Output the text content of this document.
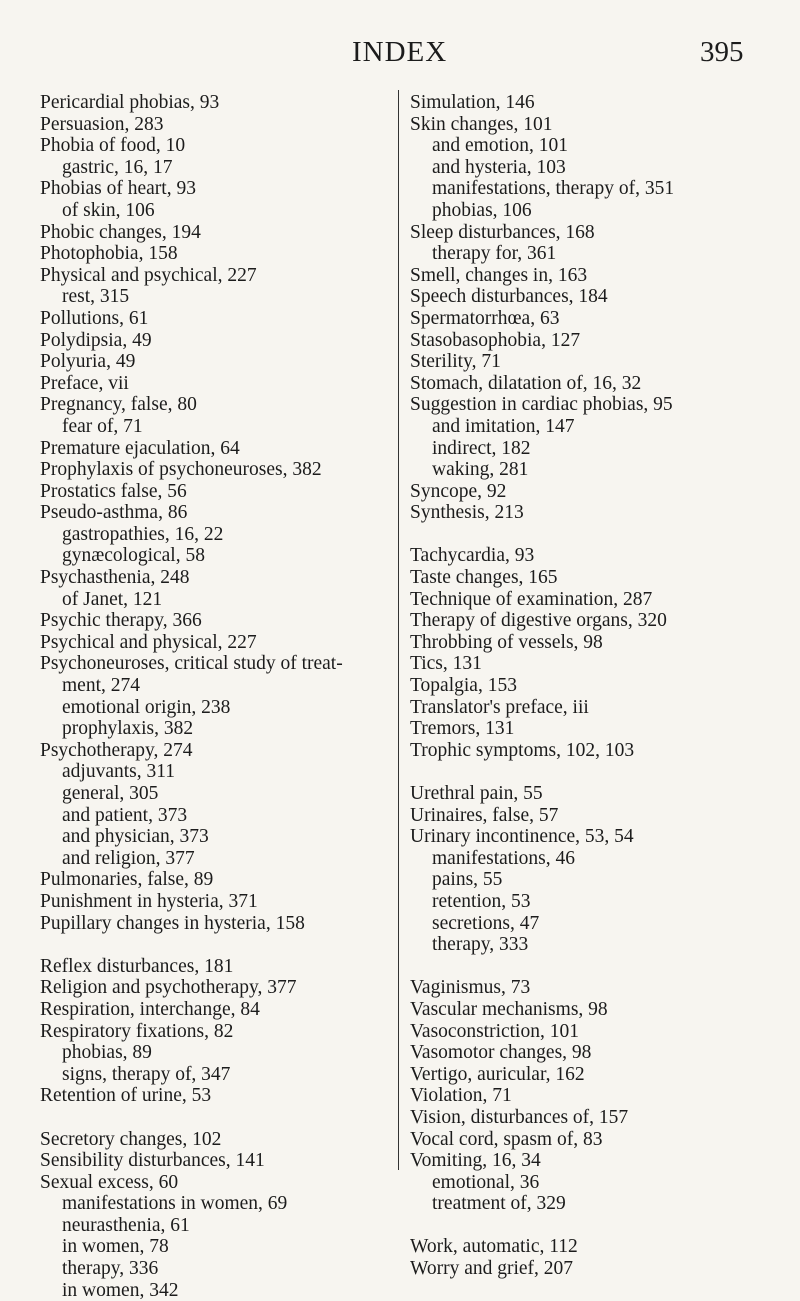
INDEX	395
Pericardial phobias, 93
Persuasion, 283
Phobia of food, 10
gastric, 16, 17
Phobias of heart, 93
of skin, 106
Phobic changes, 194
Photophobia, 158
Physical and psychical, 227
rest, 315
Pollutions, 61
Polydipsia, 49
Polyuria, 49
Preface, vii
Pregnancy, false, 80
fear of, 71
Premature ejaculation, 64
Prophylaxis of psychoneuroses, 382
Prostatics false, 56
Pseudo-asthma, 86
gastropathies, 16, 22
gynæcological, 58
Psychasthenia, 248
of Janet, 121
Psychic therapy, 366
Psychical and physical, 227
Psychoneuroses, critical study of treat-
ment, 274
emotional origin, 238
prophylaxis, 382
Psychotherapy, 274
adjuvants, 311
general, 305
and patient, 373
and physician, 373
and religion, 377
Pulmonaries, false, 89
Punishment in hysteria, 371
Pupillary changes in hysteria, 158
Reflex disturbances, 181
Religion and psychotherapy, 377
Respiration, interchange, 84
Respiratory fixations, 82
phobias, 89
signs, therapy of, 347
Retention of urine, 53
Secretory changes, 102
Sensibility disturbances, 141
Sexual excess, 60
manifestations in women, 69
neurasthenia, 61
in women, 78
therapy, 336
in women, 342
Simulation, 146
Skin changes, 101
and emotion, 101
and hysteria, 103
manifestations, therapy of, 351
phobias, 106
Sleep disturbances, 168
therapy for, 361
Smell, changes in, 163
Speech disturbances, 184
Spermatorrhœa, 63
Stasobasophobia, 127
Sterility, 71
Stomach, dilatation of, 16, 32
Suggestion in cardiac phobias, 95
and imitation, 147
indirect, 182
waking, 281
Syncope, 92
Synthesis, 213
Tachycardia, 93
Taste changes, 165
Technique of examination, 287
Therapy of digestive organs, 320
Throbbing of vessels, 98
Tics, 131
Topalgia, 153
Translator's preface, iii
Tremors, 131
Trophic symptoms, 102, 103
Urethral pain, 55
Urinaires, false, 57
Urinary incontinence, 53, 54
manifestations, 46
pains, 55
retention, 53
secretions, 47
therapy, 333
Vaginismus, 73
Vascular mechanisms, 98
Vasoconstriction, 101
Vasomotor changes, 98
Vertigo, auricular, 162
Violation, 71
Vision, disturbances of, 157
Vocal cord, spasm of, 83
Vomiting, 16, 34
emotional, 36
treatment of, 329
Work, automatic, 112
Worry and grief, 207
